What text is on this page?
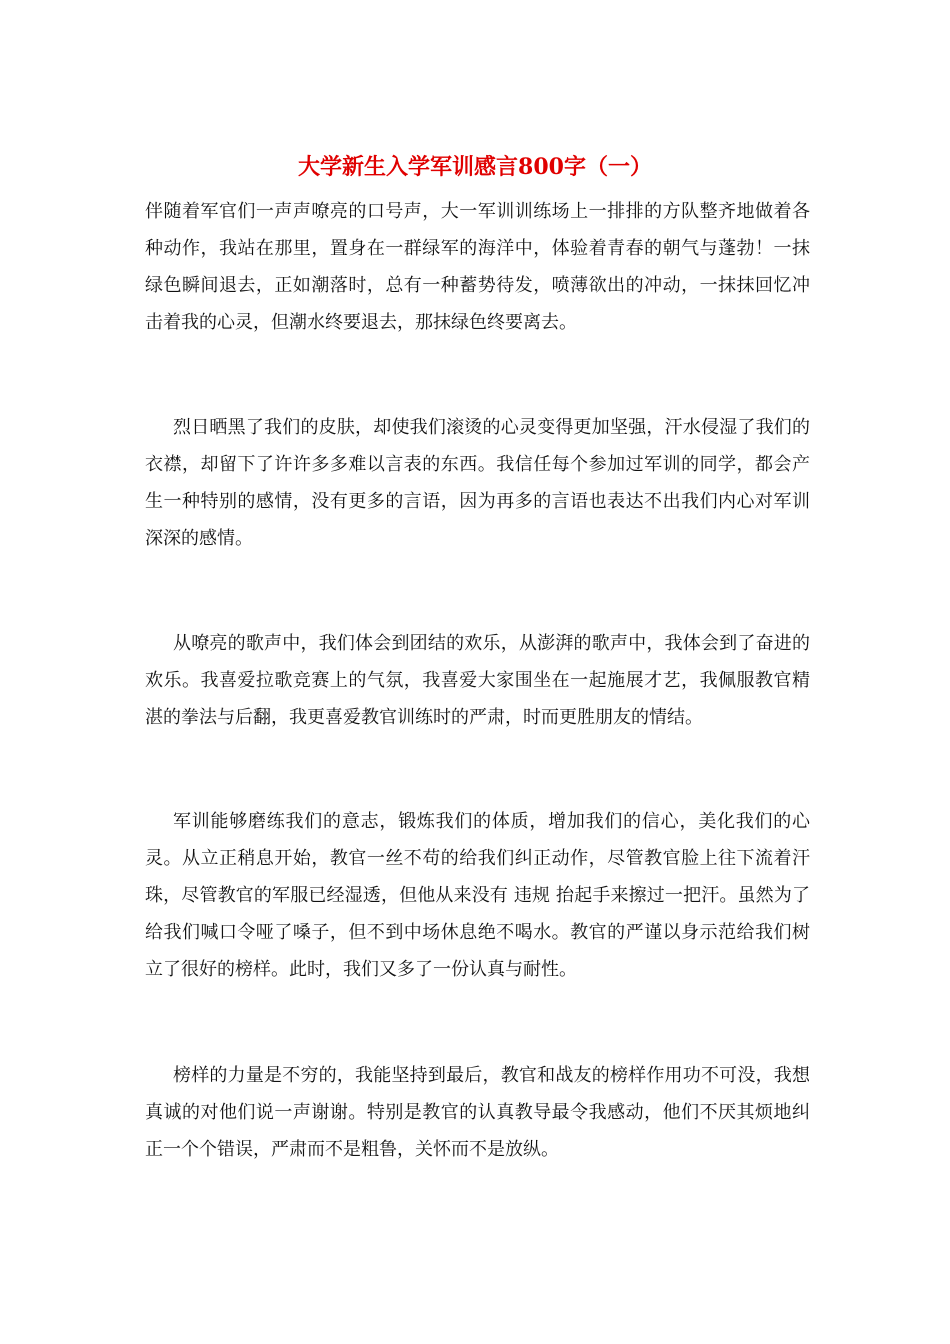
大学新生入学军训感言800字（一）

伴随着军官们一声声嘹亮的口号声，大一军训训练场上一排排的方队整齐地做着各种动作，我站在那里，置身在一群绿军的海洋中，体验着青春的朝气与蓬勃！一抹绿色瞬间退去，正如潮落时，总有一种蓄势待发，喷薄欲出的冲动，一抹抹回忆冲击着我的心灵，但潮水终要退去，那抹绿色终要离去。

烈日晒黑了我们的皮肤，却使我们滚烫的心灵变得更加坚强，汗水侵湿了我们的衣襟，却留下了许许多多难以言表的东西。我信任每个参加过军训的同学，都会产生一种特别的感情，没有更多的言语，因为再多的言语也表达不出我们内心对军训深深的感情。

从嘹亮的歌声中，我们体会到团结的欢乐，从澎湃的歌声中，我体会到了奋进的欢乐。我喜爱拉歌竞赛上的气氛，我喜爱大家围坐在一起施展才艺，我佩服教官精湛的拳法与后翻，我更喜爱教官训练时的严肃，时而更胜朋友的情结。

军训能够磨练我们的意志，锻炼我们的体质，增加我们的信心，美化我们的心灵。从立正稍息开始，教官一丝不苟的给我们纠正动作，尽管教官脸上往下流着汗珠，尽管教官的军服已经湿透，但他从来没有 违规 抬起手来擦过一把汗。虽然为了给我们喊口令哑了嗓子，但不到中场休息绝不喝水。教官的严谨以身示范给我们树立了很好的榜样。此时，我们又多了一份认真与耐性。

榜样的力量是不穷的，我能坚持到最后，教官和战友的榜样作用功不可没，我想真诚的对他们说一声谢谢。特别是教官的认真教导最令我感动，他们不厌其烦地纠正一个个错误，严肃而不是粗鲁，关怀而不是放纵。
